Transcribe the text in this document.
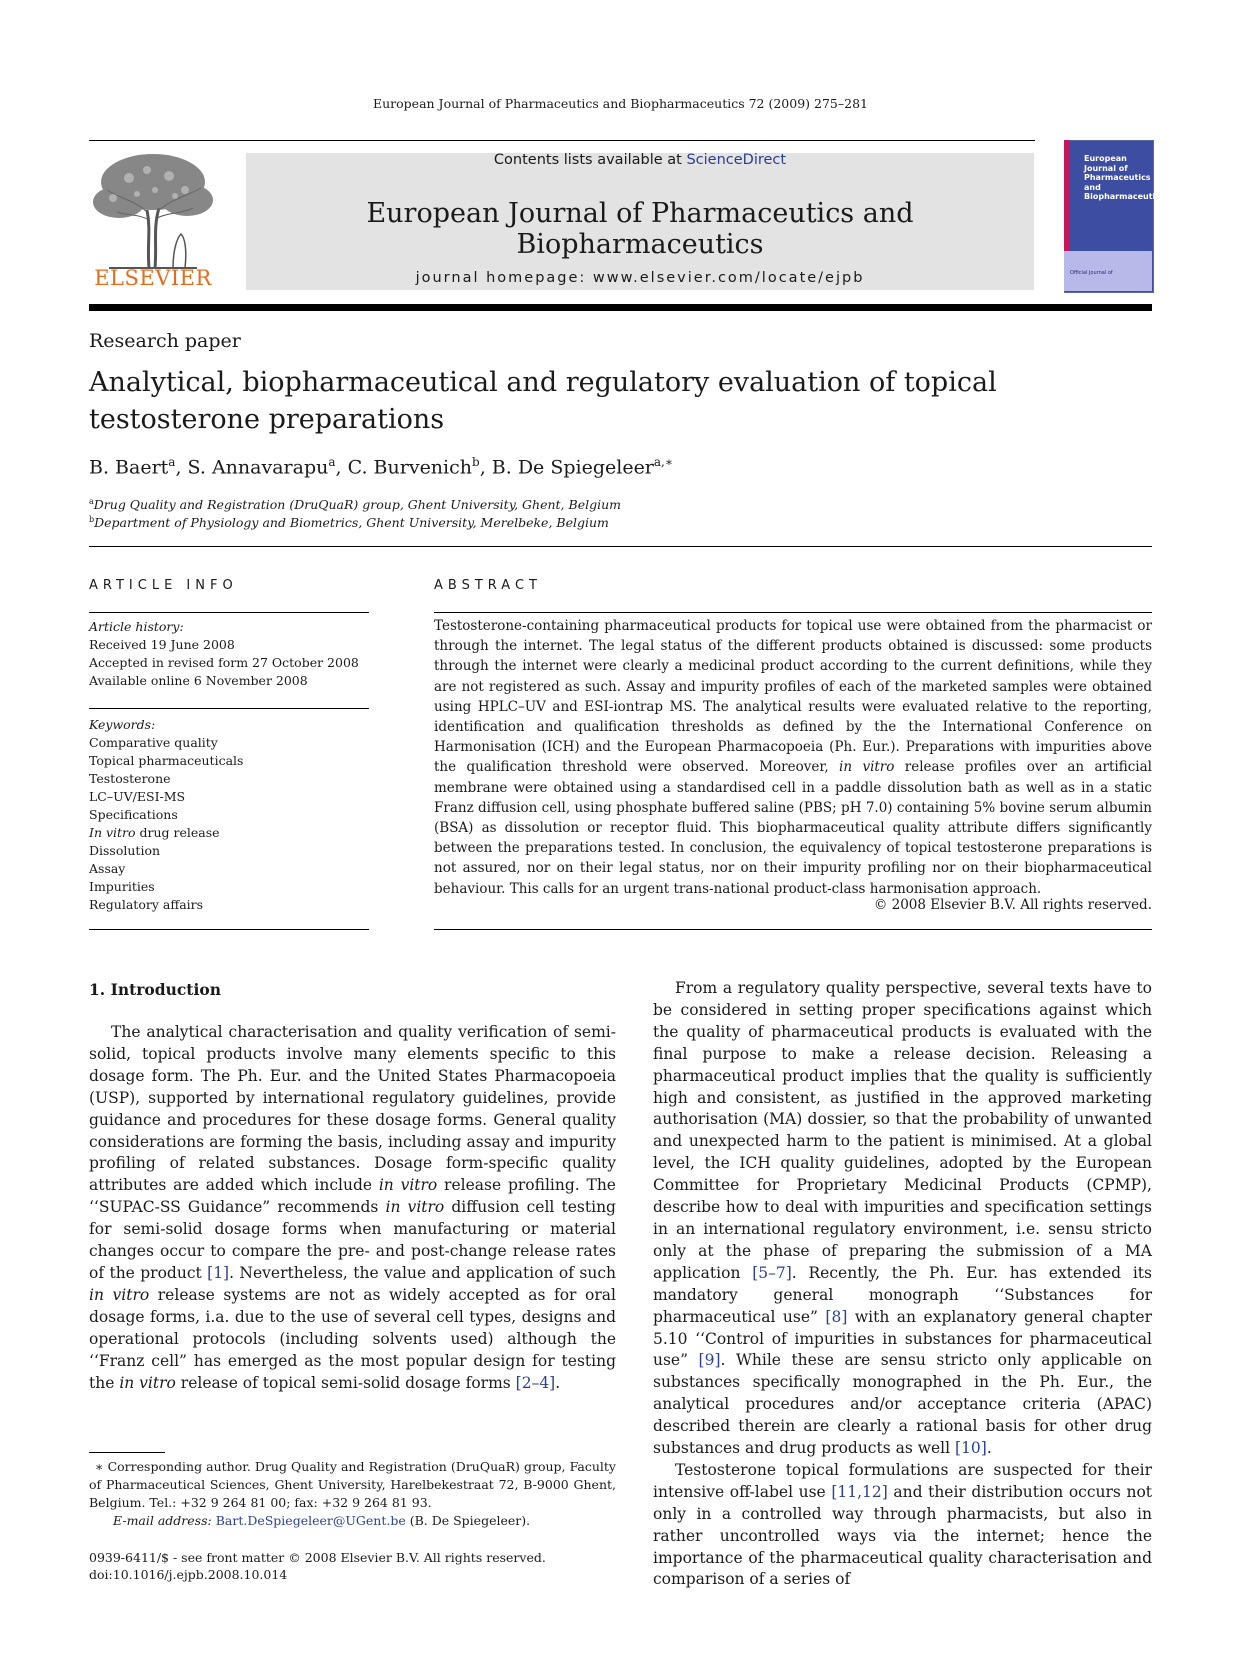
European Journal of Pharmaceutics and Biopharmaceutics 72 (2009) 275–281
ELSEVIER
Contents lists available at ScienceDirect
European Journal of Pharmaceutics and Biopharmaceutics
journal homepage: www.elsevier.com/locate/ejpb
European
Journal of
Pharmaceutics and
Biopharmaceutics
Official Journal of
Research paper
Analytical, biopharmaceutical and regulatory evaluation of topical testosterone preparations
B. Baert$^a$, S. Annavarapu$^a$, C. Burvenich$^b$, B. De Spiegeleer$^{a,∗}$
$^a$Drug Quality and Registration (DruQuaR) group, Ghent University, Ghent, Belgium
$^b$Department of Physiology and Biometrics, Ghent University, Merelbeke, Belgium
ARTICLE INFO
Article history:
Received 19 June 2008
Accepted in revised form 27 October 2008
Available online 6 November 2008
Keywords:
Comparative quality
Topical pharmaceuticals
Testosterone
LC–UV/ESI-MS
Specifications
In vitro drug release
Dissolution
Assay
Impurities
Regulatory affairs
ABSTRACT
Testosterone-containing pharmaceutical products for topical use were obtained from the pharmacist or through the internet. The legal status of the different products obtained is discussed: some products through the internet were clearly a medicinal product according to the current definitions, while they are not registered as such. Assay and impurity profiles of each of the marketed samples were obtained using HPLC–UV and ESI-iontrap MS. The analytical results were evaluated relative to the reporting, identification and qualification thresholds as defined by the the International Conference on Harmonisation (ICH) and the European Pharmacopoeia (Ph. Eur.). Preparations with impurities above the qualification threshold were observed. Moreover, in vitro release profiles over an artificial membrane were obtained using a standardised cell in a paddle dissolution bath as well as in a static Franz diffusion cell, using phosphate buffered saline (PBS; pH 7.0) containing 5% bovine serum albumin (BSA) as dissolution or receptor fluid. This biopharmaceutical quality attribute differs significantly between the preparations tested. In conclusion, the equivalency of topical testosterone preparations is not assured, nor on their legal status, nor on their impurity profiling nor on their biopharmaceutical behaviour. This calls for an urgent trans-national product-class harmonisation approach.
© 2008 Elsevier B.V. All rights reserved.
1. Introduction
The analytical characterisation and quality verification of semi-solid, topical products involve many elements specific to this dosage form. The Ph. Eur. and the United States Pharmacopoeia (USP), supported by international regulatory guidelines, provide guidance and procedures for these dosage forms. General quality considerations are forming the basis, including assay and impurity profiling of related substances. Dosage form-specific quality attributes are added which include in vitro release profiling. The ‘‘SUPAC-SS Guidance” recommends in vitro diffusion cell testing for semi-solid dosage forms when manufacturing or material changes occur to compare the pre- and post-change release rates of the product [1]. Nevertheless, the value and application of such in vitro release systems are not as widely accepted as for oral dosage forms, i.a. due to the use of several cell types, designs and operational protocols (including solvents used) although the ‘‘Franz cell” has emerged as the most popular design for testing the in vitro release of topical semi-solid dosage forms [2–4].

From a regulatory quality perspective, several texts have to be considered in setting proper specifications against which the quality of pharmaceutical products is evaluated with the final purpose to make a release decision. Releasing a pharmaceutical product implies that the quality is sufficiently high and consistent, as justified in the approved marketing authorisation (MA) dossier, so that the probability of unwanted and unexpected harm to the patient is minimised. At a global level, the ICH quality guidelines, adopted by the European Committee for Proprietary Medicinal Products (CPMP), describe how to deal with impurities and specification settings in an international regulatory environment, i.e. sensu stricto only at the phase of preparing the submission of a MA application [5–7]. Recently, the Ph. Eur. has extended its mandatory general monograph ‘‘Substances for pharmaceutical use” [8] with an explanatory general chapter 5.10 ‘‘Control of impurities in substances for pharmaceutical use” [9]. While these are sensu stricto only applicable on substances specifically monographed in the Ph. Eur., the analytical procedures and/or acceptance criteria (APAC) described therein are clearly a rational basis for other drug substances and drug products as well [10].

Testosterone topical formulations are suspected for their intensive off-label use [11,12] and their distribution occurs not only in a controlled way through pharmacists, but also in rather uncontrolled ways via the internet; hence the importance of the pharmaceutical quality characterisation and comparison of a series of

∗ Corresponding author. Drug Quality and Registration (DruQuaR) group, Faculty of Pharmaceutical Sciences, Ghent University, Harelbekestraat 72, B-9000 Ghent, Belgium. Tel.: +32 9 264 81 00; fax: +32 9 264 81 93.
E-mail address: Bart.DeSpiegeleer@UGent.be (B. De Spiegeleer).
0939-6411/$ - see front matter © 2008 Elsevier B.V. All rights reserved.
doi:10.1016/j.ejpb.2008.10.014
